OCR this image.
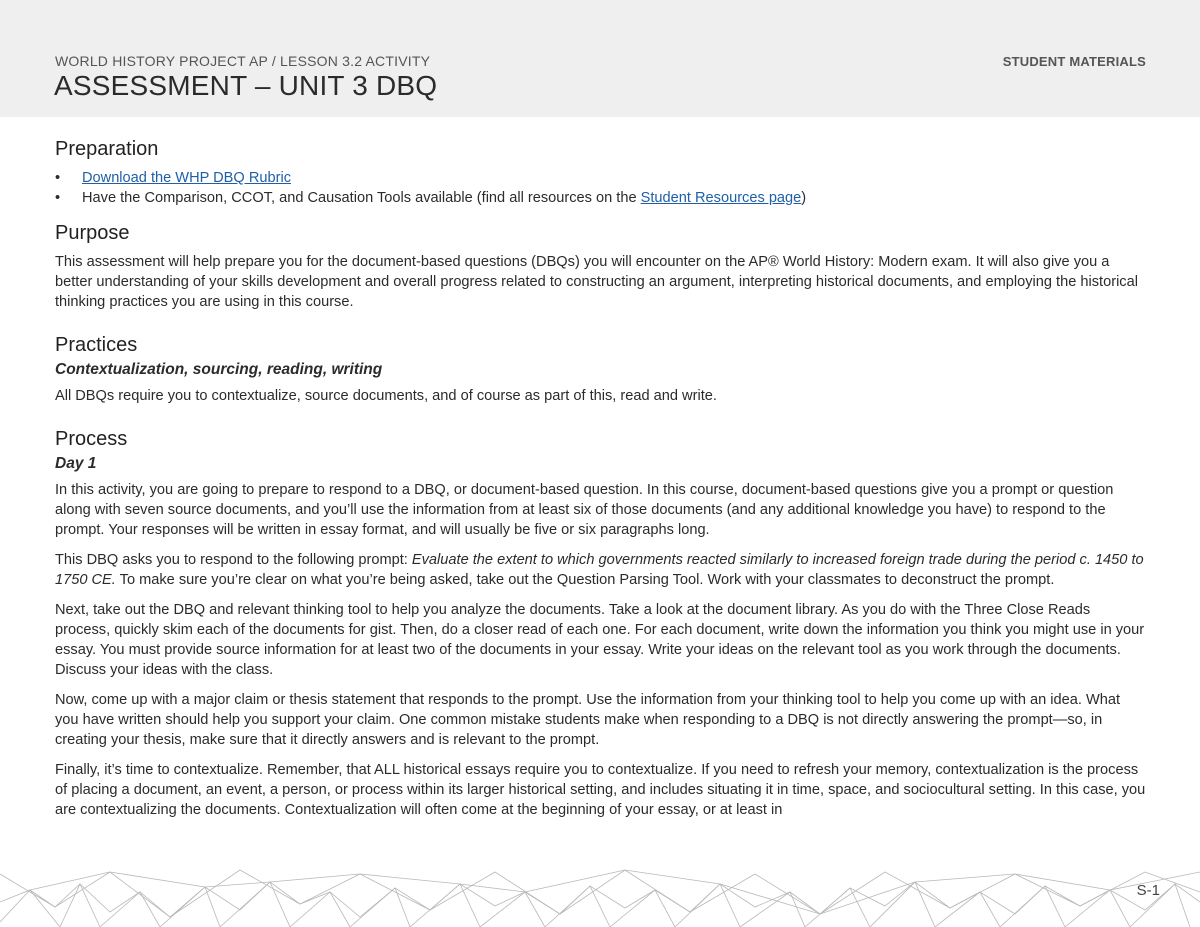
WORLD HISTORY PROJECT AP / LESSON 3.2 ACTIVITY
ASSESSMENT – UNIT 3 DBQ
STUDENT MATERIALS
Preparation
• Download the WHP DBQ Rubric
• Have the Comparison, CCOT, and Causation Tools available (find all resources on the Student Resources page)
Purpose

This assessment will help prepare you for the document-based questions (DBQs) you will encounter on the AP® World History: Modern exam. It will also give you a better understanding of your skills development and overall progress related to constructing an argument, interpreting historical documents, and employing the historical thinking practices you are using in this course.

Practices
Contextualization, sourcing, reading, writing

All DBQs require you to contextualize, source documents, and of course as part of this, read and write.

Process
Day 1

In this activity, you are going to prepare to respond to a DBQ, or document-based question. In this course, document-based questions give you a prompt or question along with seven source documents, and you’ll use the information from at least six of those documents (and any additional knowledge you have) to respond to the prompt. Your responses will be written in essay format, and will usually be five or six paragraphs long.

This DBQ asks you to respond to the following prompt: Evaluate the extent to which governments reacted similarly to increased foreign trade during the period c. 1450 to 1750 CE. To make sure you’re clear on what you’re being asked, take out the Question Parsing Tool. Work with your classmates to deconstruct the prompt.

Next, take out the DBQ and relevant thinking tool to help you analyze the documents. Take a look at the document library. As you do with the Three Close Reads process, quickly skim each of the documents for gist. Then, do a closer read of each one. For each document, write down the information you think you might use in your essay. You must provide source information for at least two of the documents in your essay. Write your ideas on the relevant tool as you work through the documents. Discuss your ideas with the class.

Now, come up with a major claim or thesis statement that responds to the prompt. Use the information from your thinking tool to help you come up with an idea. What you have written should help you support your claim. One common mistake students make when responding to a DBQ is not directly answering the prompt—so, in creating your thesis, make sure that it directly answers and is relevant to the prompt.

Finally, it’s time to contextualize. Remember, that ALL historical essays require you to contextualize. If you need to refresh your memory, contextualization is the process of placing a document, an event, a person, or process within its larger historical setting, and includes situating it in time, space, and sociocultural setting. In this case, you are contextualizing the documents. Contextualization will often come at the beginning of your essay, or at least in

S-1
